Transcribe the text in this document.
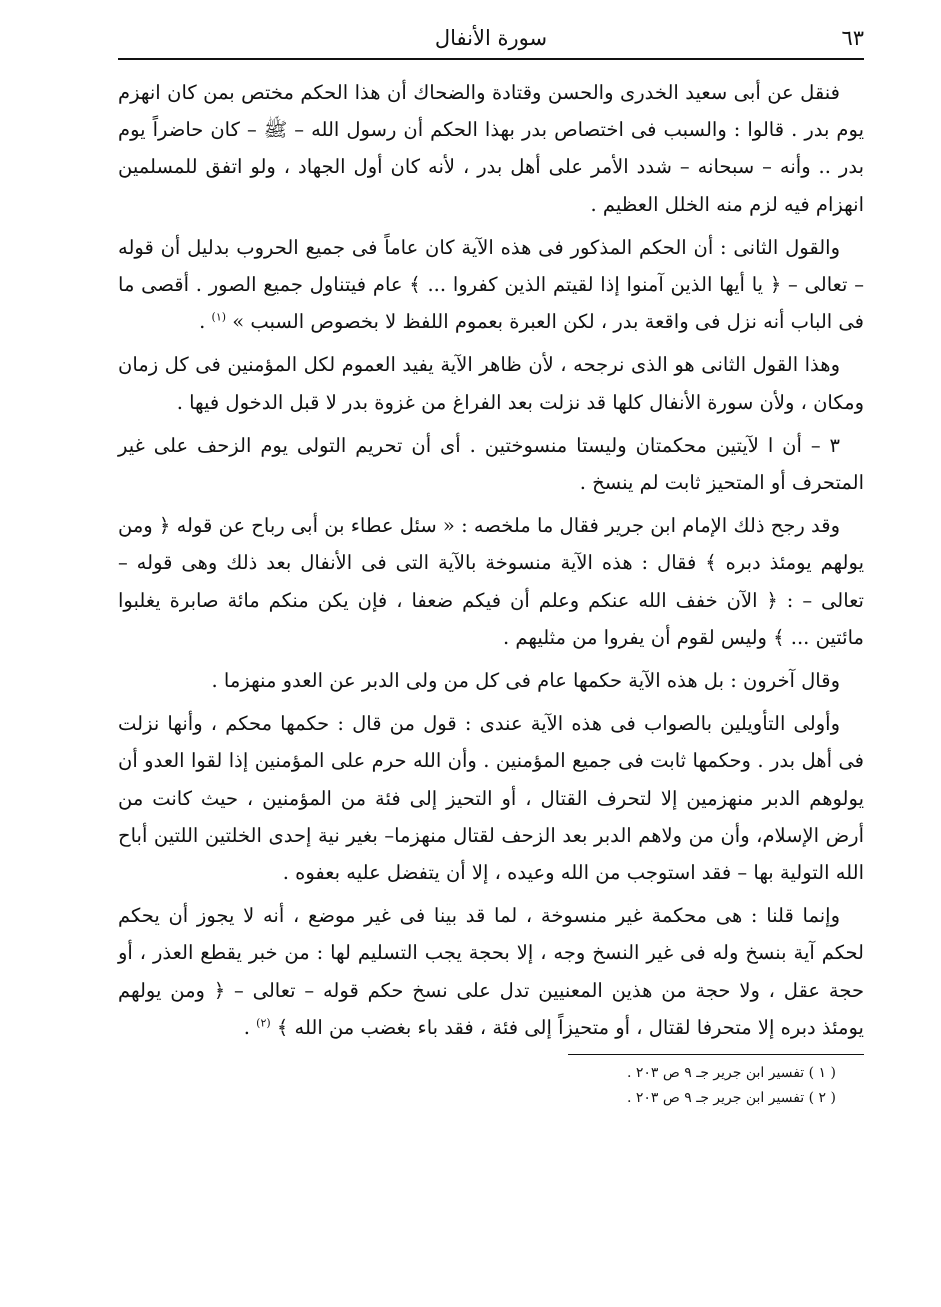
٦٣
سورة الأنفال

فنقل عن أبى سعيد الخدرى والحسن وقتادة والضحاك أن هذا الحكم مختص بمن كان انهزم يوم بدر . قالوا : والسبب فى اختصاص بدر بهذا الحكم أن رسول الله – ﷺ – كان حاضراً يوم بدر .. وأنه – سبحانه – شدد الأمر على أهل بدر ، لأنه كان أول الجهاد ، ولو اتفق للمسلمين انهزام فيه لزم منه الخلل العظيم .

والقول الثانى : أن الحكم المذكور فى هذه الآية كان عاماً فى جميع الحروب بدليل أن قوله – تعالى – ﴿ يا أيها الذين آمنوا إذا لقيتم الذين كفروا ... ﴾ عام فيتناول جميع الصور . أقصى ما فى الباب أنه نزل فى واقعة بدر ، لكن العبرة بعموم اللفظ لا بخصوص السبب » $^{(١)}$ .

وهذا القول الثانى هو الذى نرجحه ، لأن ظاهر الآية يفيد العموم لكل المؤمنين فى كل زمان ومكان ، ولأن سورة الأنفال كلها قد نزلت بعد الفراغ من غزوة بدر لا قبل الدخول فيها .

٣ – أن ا لآيتين محكمتان وليستا منسوختين . أى أن تحريم التولى يوم الزحف على غير المتحرف أو المتحيز ثابت لم ينسخ .

وقد رجح ذلك الإمام ابن جرير فقال ما ملخصه : « سئل عطاء بن أبى رباح عن قوله ﴿ ومن يولهم يومئذ دبره ﴾ فقال : هذه الآية منسوخة بالآية التى فى الأنفال بعد ذلك وهى قوله – تعالى – : ﴿ الآن خفف الله عنكم وعلم أن فيكم ضعفا ، فإن يكن منكم مائة صابرة يغلبوا مائتين ... ﴾ وليس لقوم أن يفروا من مثليهم .

وقال آخرون : بل هذه الآية حكمها عام فى كل من ولى الدبر عن العدو منهزما .

وأولى التأويلين بالصواب فى هذه الآية عندى : قول من قال : حكمها محكم ، وأنها نزلت فى أهل بدر . وحكمها ثابت فى جميع المؤمنين . وأن الله حرم على المؤمنين إذا لقوا العدو أن يولوهم الدبر منهزمين إلا لتحرف القتال ، أو التحيز إلى فئة من المؤمنين ، حيث كانت من أرض الإسلام، وأن من ولاهم الدبر بعد الزحف لقتال منهزما– بغير نية إحدى الخلتين اللتين أباح الله التولية بها – فقد استوجب من الله وعيده ، إلا أن يتفضل عليه بعفوه .

وإنما قلنا : هى محكمة غير منسوخة ، لما قد بينا فى غير موضع ، أنه لا يجوز أن يحكم لحكم آية بنسخ وله فى غير النسخ وجه ، إلا بحجة يجب التسليم لها : من خبر يقطع العذر ، أو حجة عقل ، ولا حجة من هذين المعنيين تدل على نسخ حكم قوله – تعالى – ﴿ ومن يولهم يومئذ دبره إلا متحرفا لقتال ، أو متحيزاً إلى فئة ، فقد باء بغضب من الله ﴾ $^{(٢)}$ .

( ١ ) تفسير ابن جرير جـ ٩ ص ٢٠٣ .
( ٢ ) تفسير ابن جرير جـ ٩ ص ٢٠٣ .
